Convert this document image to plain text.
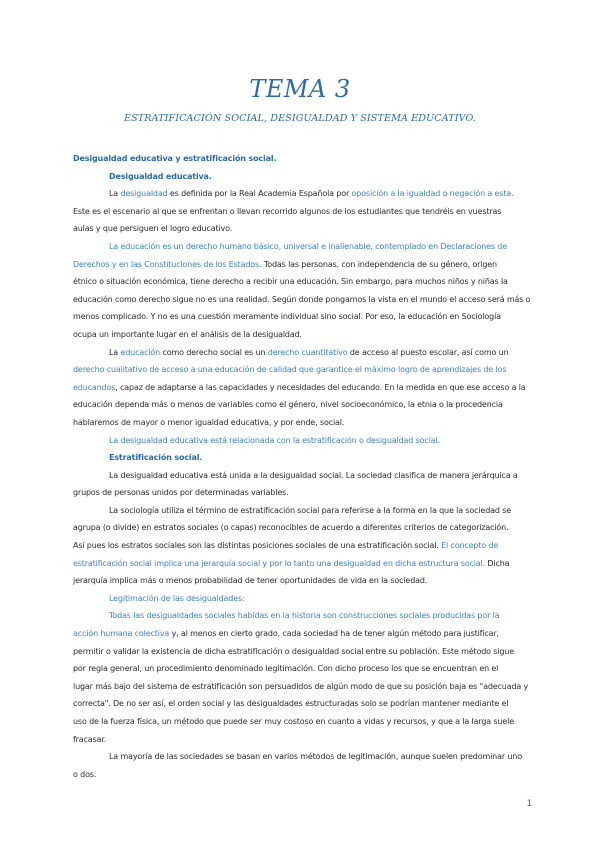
TEMA 3
ESTRATIFICACIÓN SOCIAL, DESIGUALDAD Y SISTEMA EDUCATIVO.
Desigualdad educativa y estratificación social.
Desigualdad educativa.
La desigualdad es definida por la Real Academia Española por oposición a la igualdad o negación a esta.
Este es el escenario al que se enfrentan o llevan recorrido algunos de los estudiantes que tendréis en vuestras
aulas y que persiguen el logro educativo.
La educación es un derecho humano básico, universal e inalienable, contemplado en Declaraciones de
Derechos y en las Constituciones de los Estados. Todas las personas, con independencia de su género, origen
étnico o situación económica, tiene derecho a recibir una educación. Sin embargo, para muchos niños y niñas la
educación como derecho sigue no es una realidad. Según donde pongamos la vista en el mundo el acceso será más o
menos complicado. Y no es una cuestión meramente individual sino social. Por eso, la educación en Sociología
ocupa un importante lugar en el análisis de la desigualdad.
La educación como derecho social es un derecho cuantitativo de acceso al puesto escolar, así como un
derecho cualitativo de acceso a una educación de calidad que garantice el máximo logro de aprendizajes de los
educandos, capaz de adaptarse a las capacidades y necesidades del educando. En la medida en que ese acceso a la
educación dependa más o menos de variables como el género, nivel socioeconómico, la etnia o la procedencia
hablaremos de mayor o menor igualdad educativa, y por ende, social.
La desigualdad educativa está relacionada con la estratificación o desigualdad social.
Estratificación social.
La desigualdad educativa está unida a la desigualdad social. La sociedad clasifica de manera jerárquica a
grupos de personas unidos por determinadas variables.
La sociología utiliza el término de estratificación social para referirse a la forma en la que la sociedad se
agrupa (o divide) en estratos sociales (o capas) reconocibles de acuerdo a diferentes criterios de categorización.
Así pues los estratos sociales son las distintas posiciones sociales de una estratificación social. El concepto de
estratificación social implica una jerarquía social y por lo tanto una desigualdad en dicha estructura social. Dicha
jerarquía implica más o menos probabilidad de tener oportunidades de vida en la sociedad.
Legitimación de las desigualdades:
Todas las desigualdades sociales habidas en la historia son construcciones sociales producidas por la
acción humana colectiva y, al menos en cierto grado, cada sociedad ha de tener algún método para justificar,
permitir o validar la existencia de dicha estratificación o desigualdad social entre su población. Este método sigue
por regla general, un procedimiento denominado legitimación. Con dicho proceso los que se encuentran en el
lugar más bajo del sistema de estratificación son persuadidos de algún modo de que su posición baja es "adecuada y
correcta". De no ser así, el orden social y las desigualdades estructuradas solo se podrían mantener mediante el
uso de la fuerza física, un método que puede ser muy costoso en cuanto a vidas y recursos, y que a la larga suele
fracasar.
La mayoría de las sociedades se basan en varios métodos de legitimación, aunque suelen predominar uno
o dos.
1
